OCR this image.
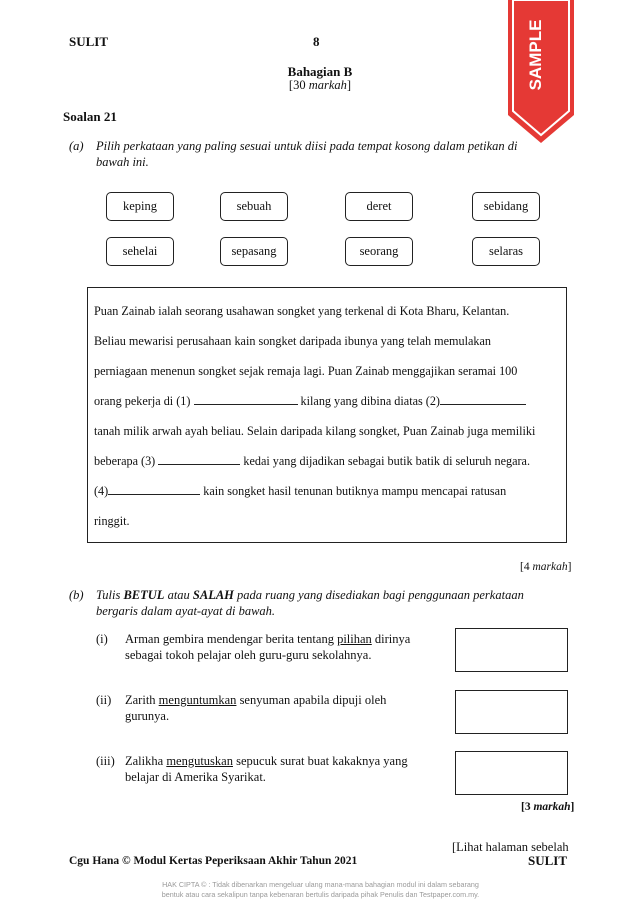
SULIT	8	SAMPLE
Bahagian B
[30 markah]
Soalan 21
(a) Pilih perkataan yang paling sesuai untuk diisi pada tempat kosong dalam petikan di
bawah ini.
keping	sebuah	deret	sebidang
sehelai	sepasang	seorang	selaras
Puan Zainab ialah seorang usahawan songket yang terkenal di Kota Bharu, Kelantan.
Beliau mewarisi perusahaan kain songket daripada ibunya yang telah memulakan
perniagaan menenun songket sejak remaja lagi. Puan Zainab menggajikan seramai 100
orang pekerja di (1)	kilang yang dibina diatas (2)
tanah milik arwah ayah beliau. Selain daripada kilang songket, Puan Zainab juga memiliki
beberapa (3)	kedai yang dijadikan sebagai butik batik di seluruh negara.
(4)	kain songket hasil tenunan butiknya mampu mencapai ratusan
ringgit.
[4 markah]
(b) Tulis BETUL atau SALAH pada ruang yang disediakan bagi penggunaan perkataan
bergaris dalam ayat-ayat di bawah.
(i) Arman gembira mendengar berita tentang pilihan dirinya
sebagai tokoh pelajar oleh guru-guru sekolahnya.
(ii) Zarith menguntumkan senyuman apabila dipuji oleh
gurunya.
(iii) Zalikha mengutuskan sepucuk surat buat kakaknya yang
belajar di Amerika Syarikat.
[3 markah]
[Lihat halaman sebelah
Cgu Hana © Modul Kertas Peperiksaan Akhir Tahun 2021	SULIT
HAK CIPTA © : Tidak dibenarkan mengeluar ulang mana-mana bahagian modul ini dalam sebarang
bentuk atau cara sekalipun tanpa kebenaran bertulis daripada pihak Penulis dan Testpaper.com.my.
